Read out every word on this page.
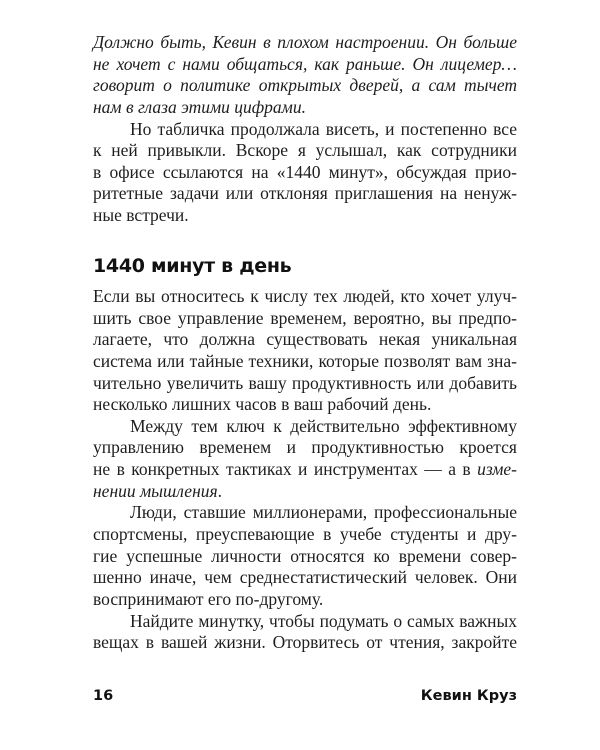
Должно быть, Кевин в плохом настроении. Он больше
не хочет с нами общаться, как раньше. Он лицемер…
говорит о политике открытых дверей, а сам тычет
нам в глаза этими цифрами.
Но табличка продолжала висеть, и постепенно все
к ней привыкли. Вскоре я услышал, как сотрудники
в офисе ссылаются на «1440 минут», обсуждая прио-
ритетные задачи или отклоняя приглашения на ненуж-
ные встречи.
1440 минут в день
Если вы относитесь к числу тех людей, кто хочет улуч-
шить свое управление временем, вероятно, вы предпо-
лагаете, что должна существовать некая уникальная
система или тайные техники, которые позволят вам зна-
чительно увеличить вашу продуктивность или добавить
несколько лишних часов в ваш рабочий день.
Между тем ключ к действительно эффективному
управлению временем и продуктивностью кроется
не в конкретных тактиках и инструментах — а в изме-
нении мышления.
Люди, ставшие миллионерами, профессиональные
спортсмены, преуспевающие в учебе студенты и дру-
гие успешные личности относятся ко времени совер-
шенно иначе, чем среднестатистический человек. Они
воспринимают его по-другому.
Найдите минутку, чтобы подумать о самых важных
вещах в вашей жизни. Оторвитесь от чтения, закройте
16	Кевин Круз
